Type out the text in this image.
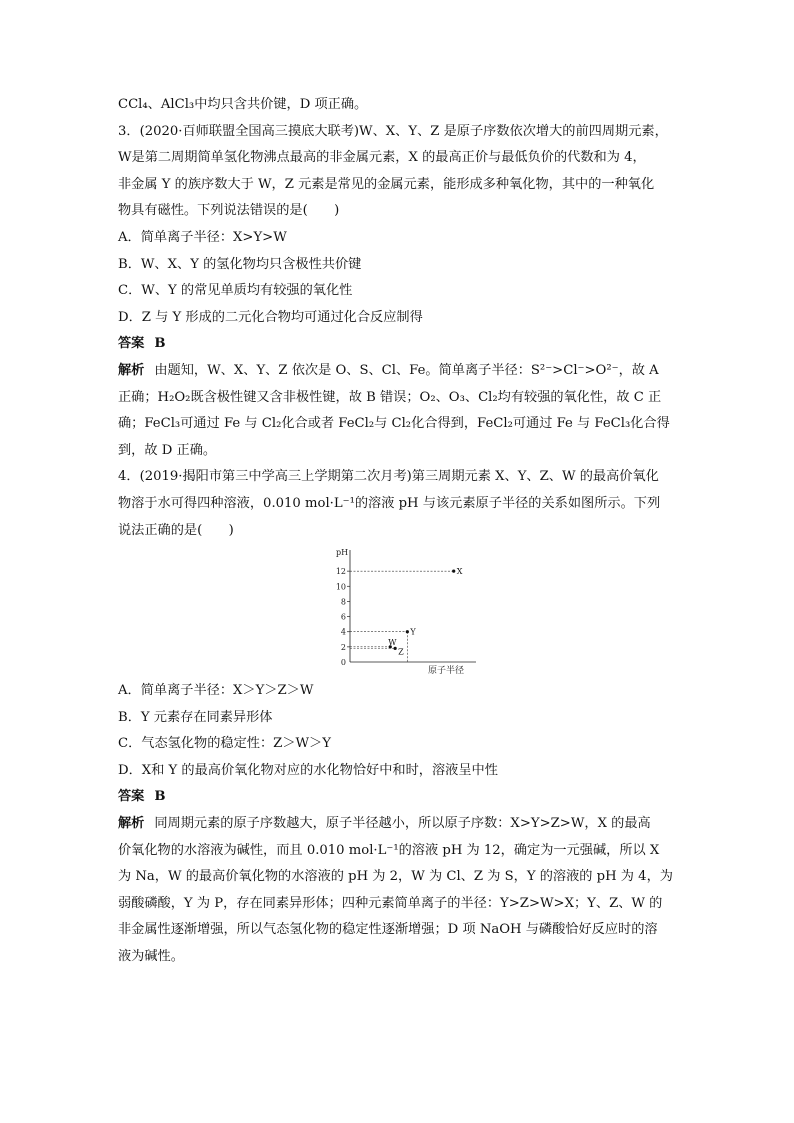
CCl₄、AlCl₃中均只含共价键，D 项正确。
3．(2020·百师联盟全国高三摸底大联考)W、X、Y、Z 是原子序数依次增大的前四周期元素，
W是第二周期简单氢化物沸点最高的非金属元素，X 的最高正价与最低负价的代数和为 4，
非金属 Y 的族序数大于 W，Z 元素是常见的金属元素，能形成多种氧化物，其中的一种氧化
物具有磁性。下列说法错误的是(　　)
A．简单离子半径：X>Y>W
B．W、X、Y 的氢化物均只含极性共价键
C．W、Y 的常见单质均有较强的氧化性
D．Z 与 Y 形成的二元化合物均可通过化合反应制得
答案 B
解析 由题知，W、X、Y、Z 依次是 O、S、Cl、Fe。简单离子半径：S²⁻>Cl⁻>O²⁻，故 A
正确；H₂O₂既含极性键又含非极性键，故 B 错误；O₂、O₃、Cl₂均有较强的氧化性，故 C 正
确；FeCl₃可通过 Fe 与 Cl₂化合或者 FeCl₂与 Cl₂化合得到，FeCl₂可通过 Fe 与 FeCl₃化合得
到，故 D 正确。
4．(2019·揭阳市第三中学高三上学期第二次月考)第三周期元素 X、Y、Z、W 的最高价氧化
物溶于水可得四种溶液，0.010 mol·L⁻¹的溶液 pH 与该元素原子半径的关系如图所示。下列
说法正确的是(　　)
pH
原子半径
0
2
4
6
8
10
12	X
Y
W
Z
A．简单离子半径：X＞Y＞Z＞W
B．Y 元素存在同素异形体
C．气态氢化物的稳定性：Z＞W＞Y
D．X和 Y 的最高价氧化物对应的水化物恰好中和时，溶液呈中性
答案 B
解析 同周期元素的原子序数越大，原子半径越小，所以原子序数：X>Y>Z>W，X 的最高
价氧化物的水溶液为碱性，而且 0.010 mol·L⁻¹的溶液 pH 为 12，确定为一元强碱，所以 X
为 Na，W 的最高价氧化物的水溶液的 pH 为 2，W 为 Cl、Z 为 S，Y 的溶液的 pH 为 4，为
弱酸磷酸，Y 为 P，存在同素异形体；四种元素简单离子的半径：Y>Z>W>X；Y、Z、W 的
非金属性逐渐增强，所以气态氢化物的稳定性逐渐增强；D 项 NaOH 与磷酸恰好反应时的溶
液为碱性。
